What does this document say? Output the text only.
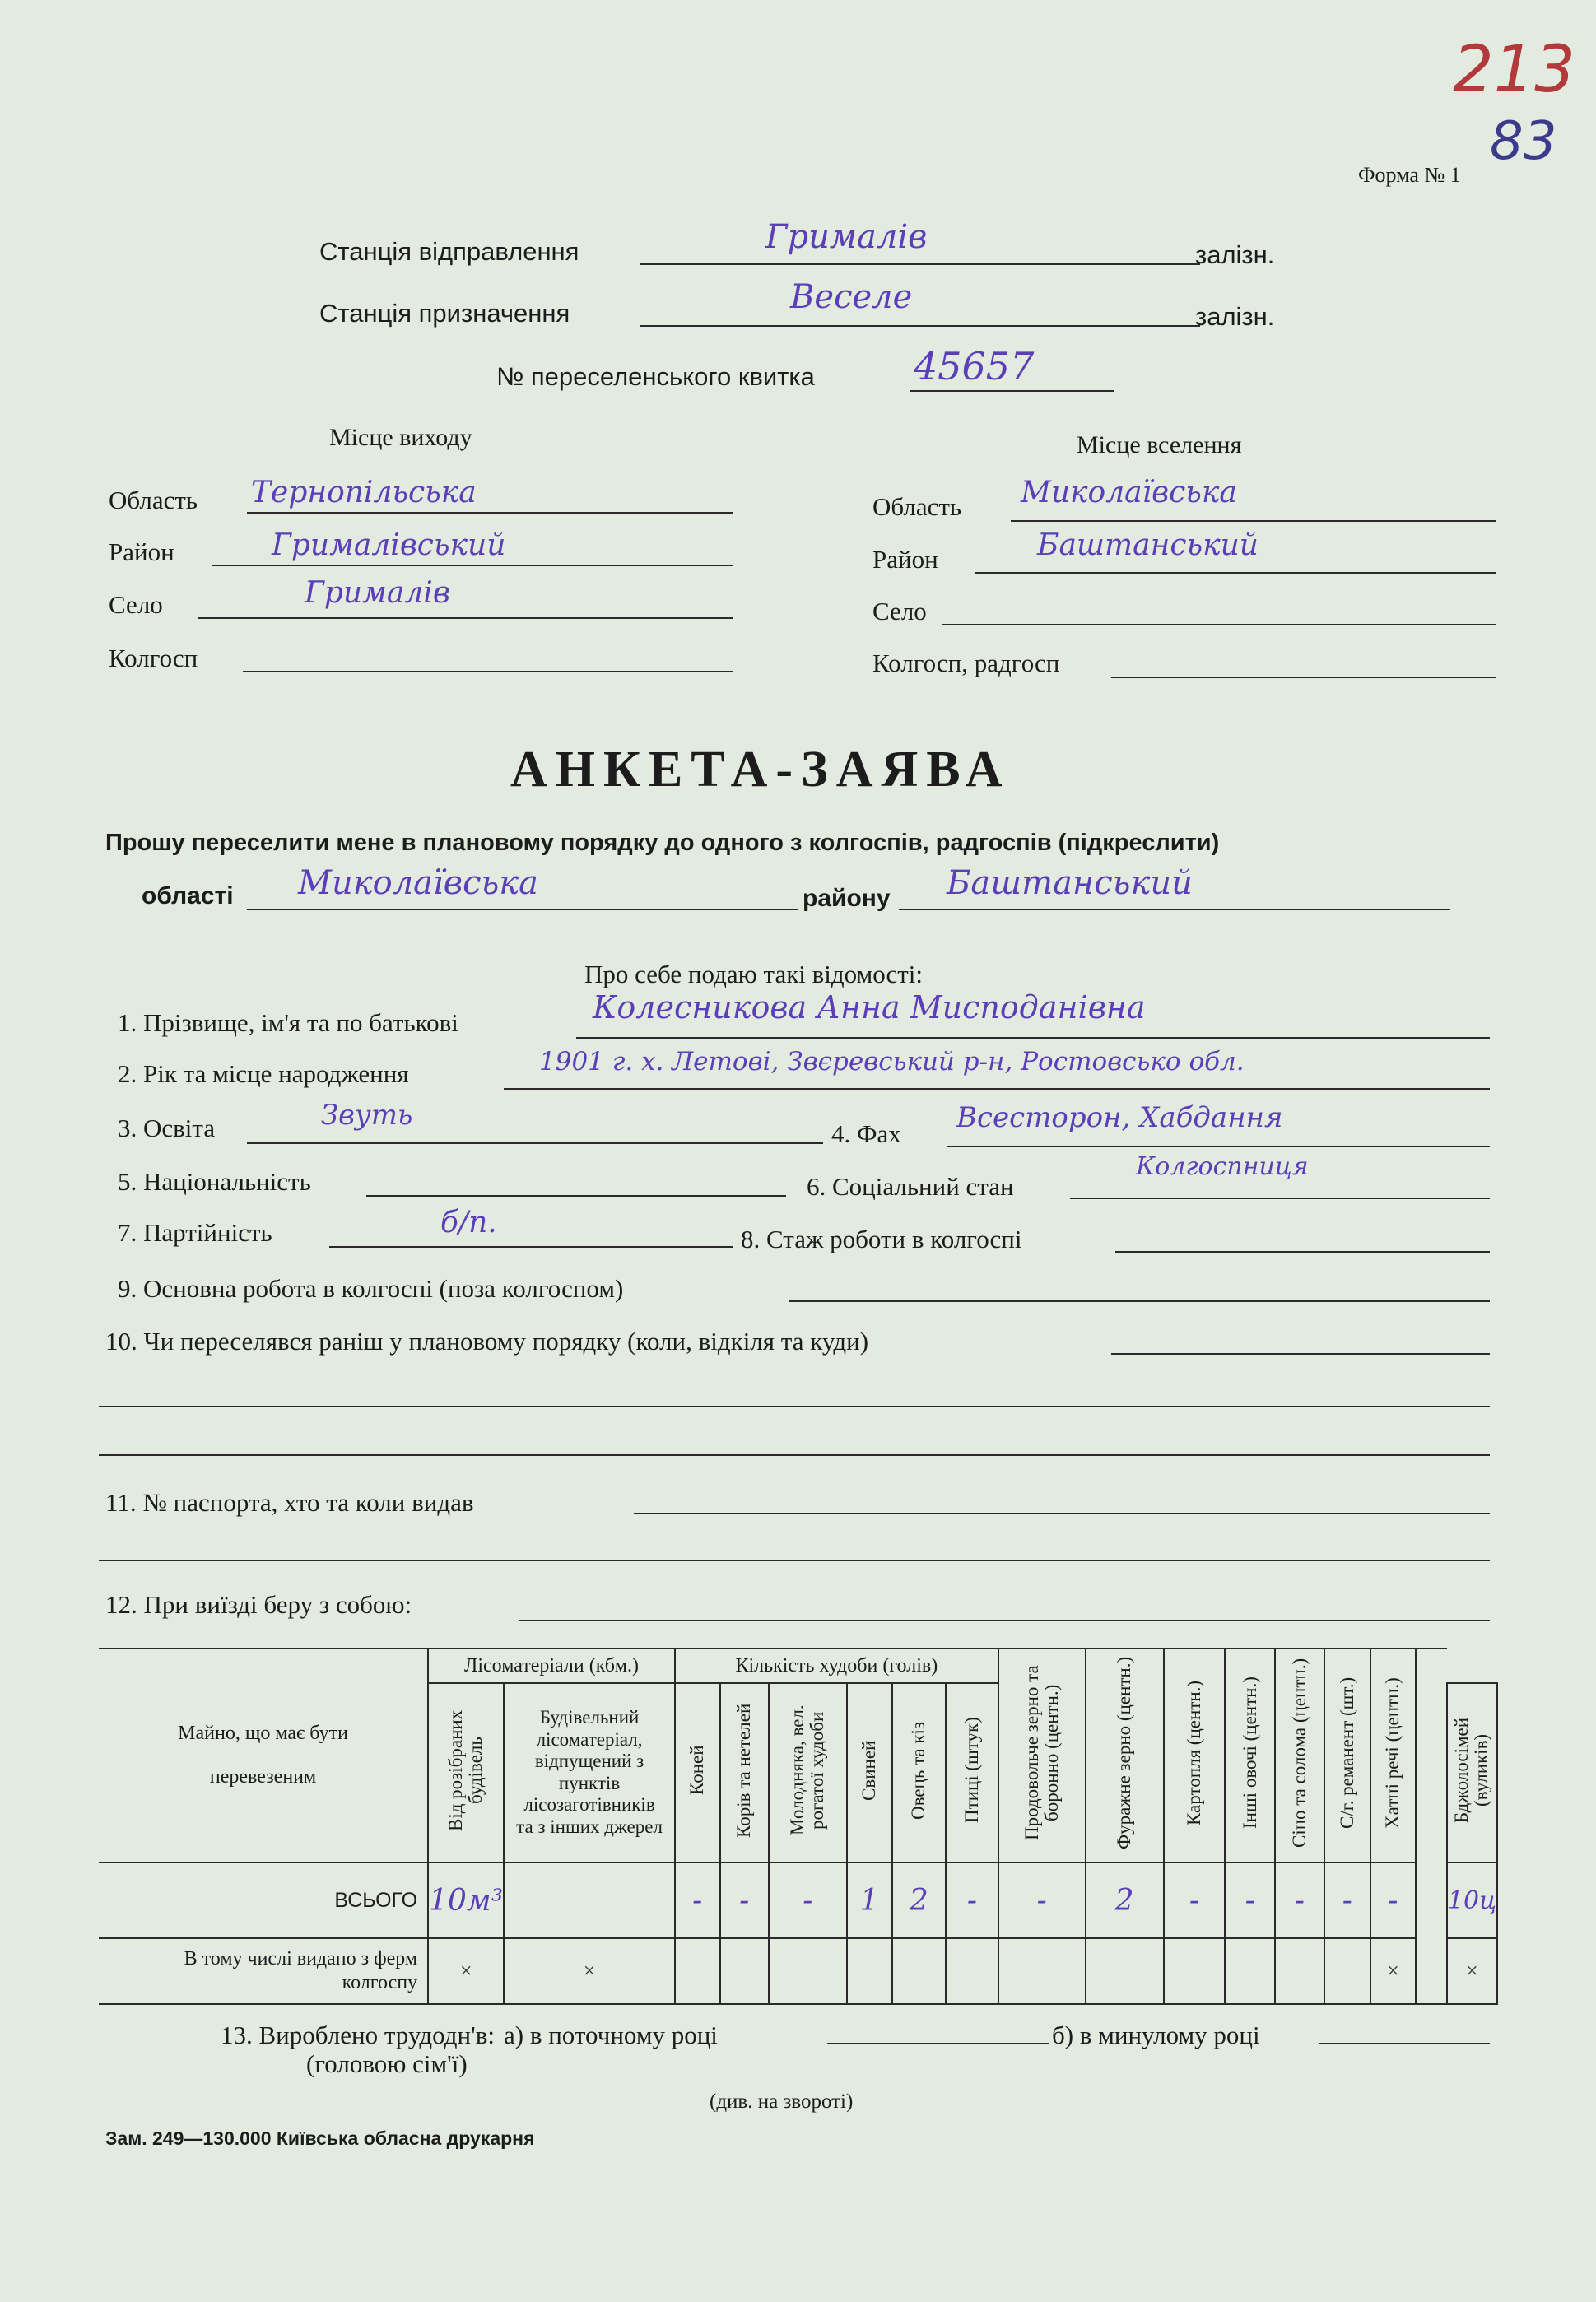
213
83
Форма № 1
Станція відправлення	Грималів	залізн.
Станція призначення	Веселе
залізн.
№ переселенського квитка	45657
Місце виходу
Область Тернопільська
Район	Грималівський
Село	Грималів
Колгосп
Місце вселення
Область Миколаївська
Район	Баштанський
Село
Колгосп, радгосп
АНКЕТА-ЗАЯВА
Прошу переселити мене в плановому порядку до одного з колгоспів, радгоспів (підкреслити)
області Миколаївська	району Баштанський
Про себе подаю такі відомості:
1. Прізвище, ім'я та по батькові	Колесникова Анна Мисподанівна
2. Рік та місце народження	1901 г. х. Летові, Звєревський р-н, Ростовсько обл.
3. Освіта	Звуть
4. Фах Всесторон, Хабдання
5. Національність	6. Соціальний стан
Колгоспниця
7. Партійність	б/п.	8. Стаж роботи в колгоспі
9. Основна робота в колгоспі (поза колгоспом)
10. Чи переселявся раніш у плановому порядку (коли, відкіля та куди)
11. № паспорта, хто та коли видав
12. При виїзді беру з собою:
Майно, що має бути перевезеним	Лісоматеріали (кбм.)		Кількість худоби (голів)						Продовольче зерно та боронно (центн.)	Фуражне зерно (центн.)	Картопля (центн.)	Інші овочі (центн.)	Сіно та солома (центн.)	С/г. реманент (шт.)	Хатні речі (центн.)		
	Від розібраних будівель	Будівельний лісоматеріал, відпущений з пунктів лісозаготівників та з інших джерел	Коней	Корів та нетелей	Молодняка, вел. рогатої худоби	Свиней	Овець та кіз	Птиці (штук)									Бджолосімей (вуликів)
ВСЬОГО	10м³		-	-	-	1	2	-	-	2	-	-	-	-	-		10ц
В тому числі видано з ферм колгоспу	×	×													×		×
13. Вироблено трудодн'в: а) в поточному році	б) в минулому році
(головою сім'ї)
(див. на звороті)
Зам. 249—130.000 Київська обласна друкарня
